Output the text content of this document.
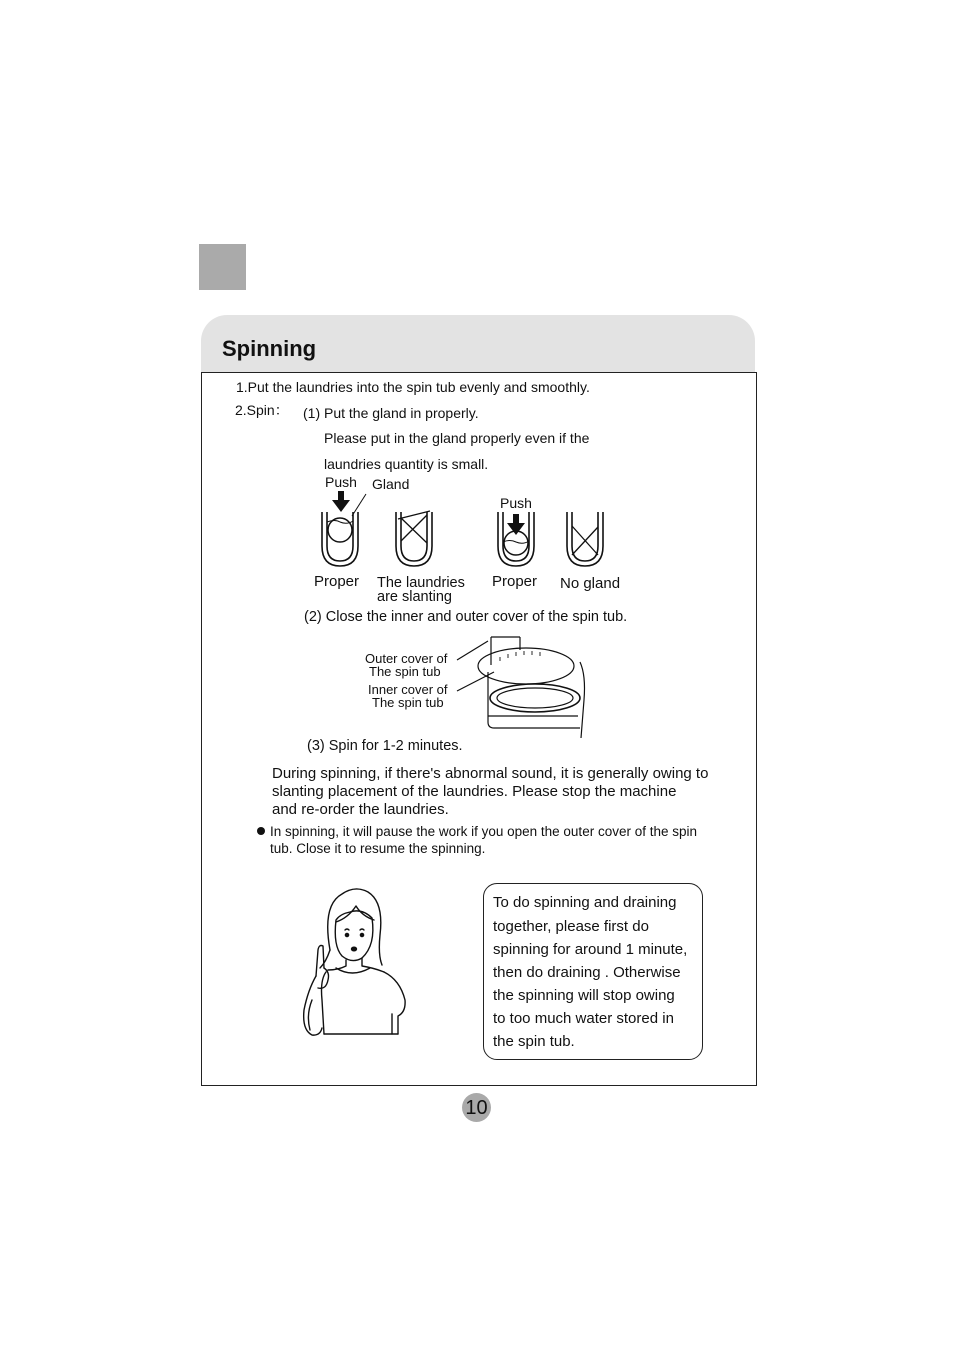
Spinning
1.Put the laundries into the spin tub evenly and smoothly.
2.Spin： (1) Put the gland in properly.
Please put in the gland properly even if the
laundries quantity is small.
Push Gland
Push
Proper The laundries
are slanting
Proper No gland
(2) Close the inner and outer cover of the spin tub.
Outer cover of
The spin tub
Inner cover of
The spin tub
(3) Spin for 1-2 minutes.
During spinning, if there's abnormal sound, it is generally owing to
slanting placement of the laundries. Please stop the machine
and re-order the laundries.
In spinning, it will pause the work if you open the outer cover of the spin
tub. Close it to resume the spinning.
To do spinning and draining
together, please first do
spinning for around 1 minute,
then do draining . Otherwise
the spinning will stop owing
to too much water stored in
the spin tub.
10
